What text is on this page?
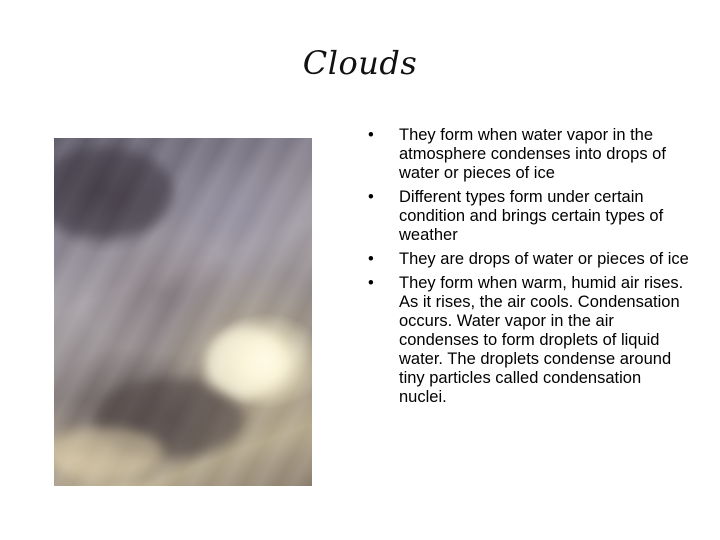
Clouds
• They form when water vapor in the atmosphere condenses into drops of water or pieces of ice
• Different types form under certain condition and brings certain types of weather
• They are drops of water or pieces of ice
• They form when warm, humid air rises. As it rises, the air cools. Condensation occurs. Water vapor in the air condenses to form droplets of liquid water. The droplets condense around tiny particles called condensation nuclei.
